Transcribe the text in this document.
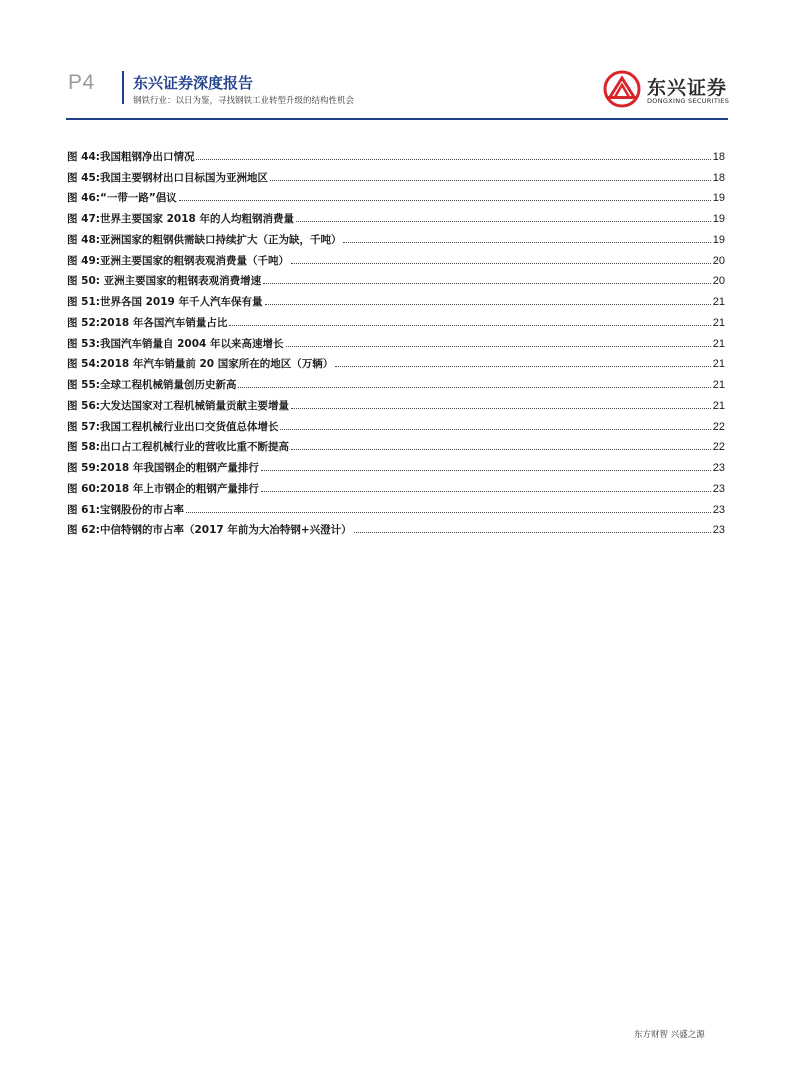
P4	东兴证券深度报告
钢铁行业：以日为鉴，寻找钢铁工业转型升级的结构性机会
东兴证券
DONGXING SECURITIES
图 44:我国粗钢净出口情况	18
图 45:我国主要钢材出口目标国为亚洲地区	18
图 46:“一带一路”倡议	19
图 47:世界主要国家 2018 年的人均粗钢消费量	19
图 48:亚洲国家的粗钢供需缺口持续扩大（正为缺，千吨）	19
图 49:亚洲主要国家的粗钢表观消费量（千吨）	20
图 50: 亚洲主要国家的粗钢表观消费增速	20
图 51:世界各国 2019 年千人汽车保有量	21
图 52:2018 年各国汽车销量占比	21
图 53:我国汽车销量自 2004 年以来高速增长	21
图 54:2018 年汽车销量前 20 国家所在的地区（万辆）	21
图 55:全球工程机械销量创历史新高	21
图 56:大发达国家对工程机械销量贡献主要增量	21
图 57:我国工程机械行业出口交货值总体增长	22
图 58:出口占工程机械行业的营收比重不断提高	22
图 59:2018 年我国钢企的粗钢产量排行	23
图 60:2018 年上市钢企的粗钢产量排行	23
图 61:宝钢股份的市占率	23
图 62:中信特钢的市占率（2017 年前为大冶特钢+兴澄计）	23
东方财智 兴盛之源
